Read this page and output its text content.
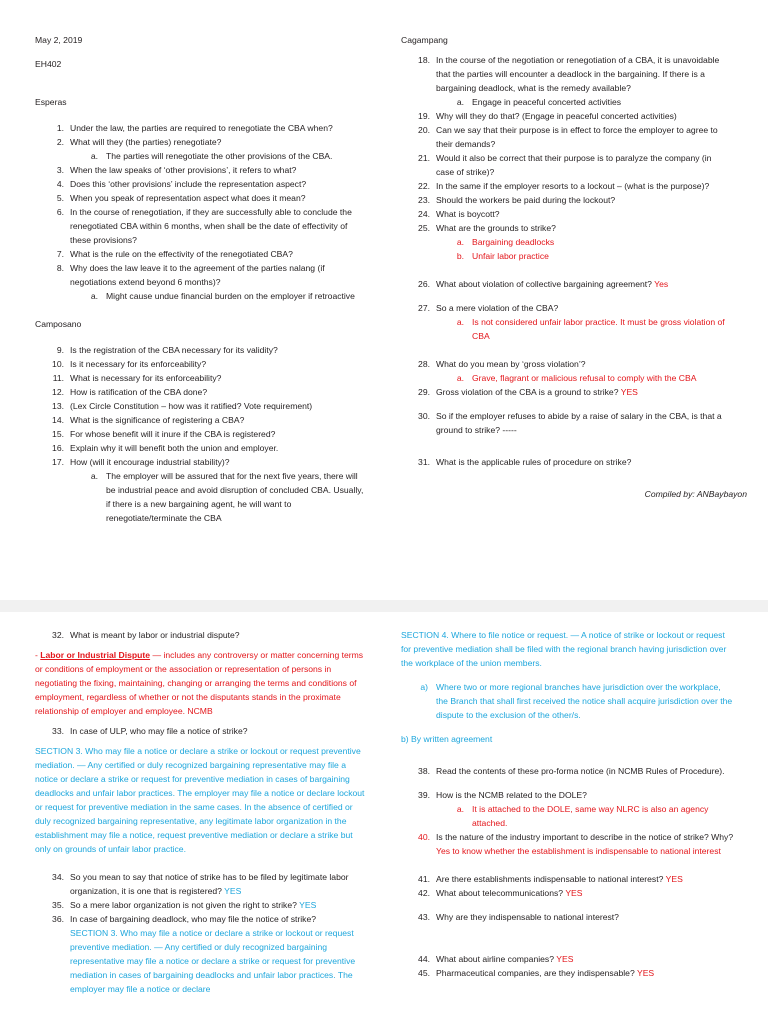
May 2, 2019
EH402
Esperas
1. Under the law, the parties are required to renegotiate the CBA when?
2. What will they (the parties) renegotiate?
a. The parties will renegotiate the other provisions of the CBA.
3. When the law speaks of ‘other provisions’, it refers to what?
4. Does this ‘other provisions’ include the representation aspect?
5. When you speak of representation aspect what does it mean?
6. In the course of renegotiation, if they are successfully able to conclude the renegotiated CBA within 6 months, when shall be the date of effectivity of these provisions?
7. What is the rule on the effectivity of the renegotiated CBA?
8. Why does the law leave it to the agreement of the parties nalang (if negotiations extend beyond 6 months)?
a. Might cause undue financial burden on the employer if retroactive
Camposano
9. Is the registration of the CBA necessary for its validity?
10. Is it necessary for its enforceability?
11. What is necessary for its enforceability?
12. How is ratification of the CBA done?
13. (Lex Circle Constitution – how was it ratified? Vote requirement)
14. What is the significance of registering a CBA?
15. For whose benefit will it inure if the CBA is registered?
16. Explain why it will benefit both the union and employer.
17. How (will it encourage industrial stability)?
a. The employer will be assured that for the next five years, there will be industrial peace and avoid disruption of concluded CBA. Usually, if there is a new bargaining agent, he will want to renegotiate/terminate the CBA
Cagampang
18. In the course of the negotiation or renegotiation of a CBA, it is unavoidable that the parties will encounter a deadlock in the bargaining. If there is a bargaining deadlock, what is the remedy available?
a. Engage in peaceful concerted activities
19. Why will they do that? (Engage in peaceful concerted activities)
20. Can we say that their purpose is in effect to force the employer to agree to their demands?
21. Would it also be correct that their purpose is to paralyze the company (in case of strike)?
22. In the same if the employer resorts to a lockout – (what is the purpose)?
23. Should the workers be paid during the lockout?
24. What is boycott?
25. What are the grounds to strike?
a. Bargaining deadlocks
b. Unfair labor practice
26. What about violation of collective bargaining agreement? Yes
27. So a mere violation of the CBA?
a. Is not considered unfair labor practice. It must be gross violation of CBA
28. What do you mean by ‘gross violation’?
a. Grave, flagrant or malicious refusal to comply with the CBA
29. Gross violation of the CBA is a ground to strike? YES
30. So if the employer refuses to abide by a raise of salary in the CBA, is that a ground to strike? -----
31. What is the applicable rules of procedure on strike?
Compiled by: ANBaybayon
32. What is meant by labor or industrial dispute?
- Labor or Industrial Dispute — includes any controversy or matter concerning terms or conditions of employment or the association or representation of persons in negotiating the fixing, maintaining, changing or arranging the terms and conditions of employment, regardless of whether or not the disputants stands in the proximate relationship of employer and employee. NCMB
33. In case of ULP, who may file a notice of strike?
SECTION 3. Who may file a notice or declare a strike or lockout or request preventive mediation. — Any certified or duly recognized bargaining representative may file a notice or declare a strike or request for preventive mediation in cases of bargaining deadlocks and unfair labor practices. The employer may file a notice or declare lockout or request for preventive mediation in the same cases. In the absence of certified or duly recognized bargaining representative, any legitimate labor organization in the establishment may file a notice, request preventive mediation or declare a strike but only on grounds of unfair labor practice.
34. So you mean to say that notice of strike has to be filed by legitimate labor organization, it is one that is registered? YES
35. So a mere labor organization is not given the right to strike? YES
36. In case of bargaining deadlock, who may file the notice of strike?
SECTION 3. Who may file a notice or declare a strike or lockout or request preventive mediation. — Any certified or duly recognized bargaining representative may file a notice or declare a strike or request for preventive mediation in cases of bargaining deadlocks and unfair labor practices. The employer may file a notice or declare
SECTION 4. Where to file notice or request. — A notice of strike or lockout or request for preventive mediation shall be filed with the regional branch having jurisdiction over the workplace of the union members.
a) Where two or more regional branches have jurisdiction over the workplace, the Branch that shall first received the notice shall acquire jurisdiction over the dispute to the exclusion of the other/s.
b) By written agreement
38. Read the contents of these pro-forma notice (in NCMB Rules of Procedure).
39. How is the NCMB related to the DOLE?
a. It is attached to the DOLE, same way NLRC is also an agency attached.
40. Is the nature of the industry important to describe in the notice of strike? Why? Yes to know whether the establishment is indispensable to national interest
41. Are there establishments indispensable to national interest? YES
42. What about telecommunications? YES
43. Why are they indispensable to national interest?
44. What about airline companies? YES
45. Pharmaceutical companies, are they indispensable? YES
